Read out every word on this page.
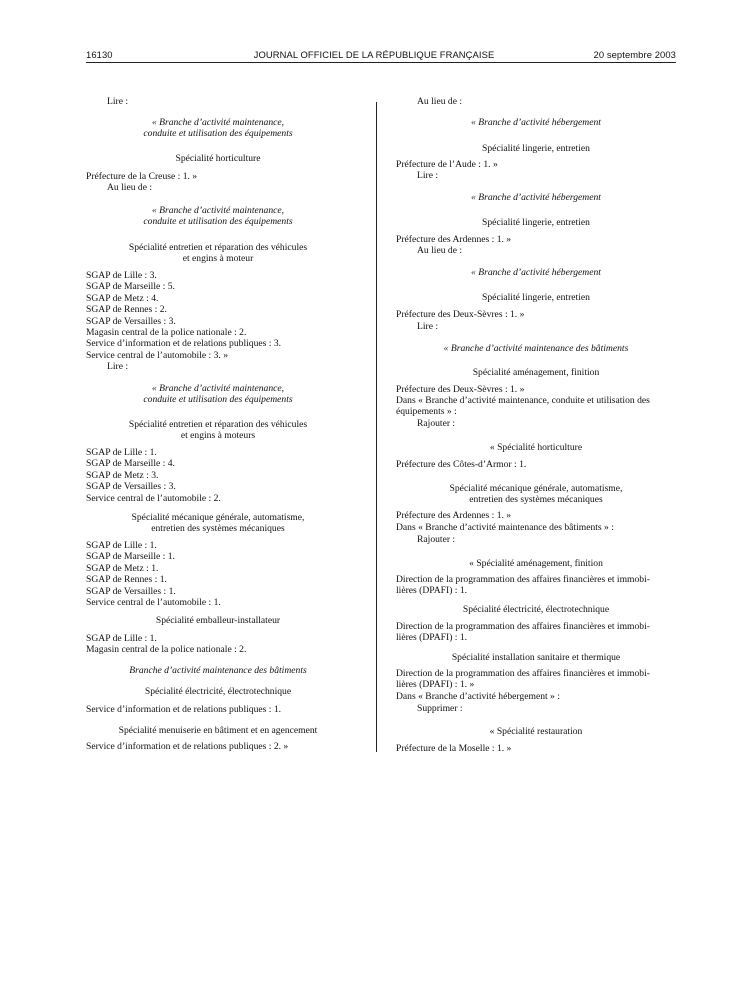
16130	JOURNAL OFFICIEL DE LA RÉPUBLIQUE FRANÇAISE	20 septembre 2003

Lire :

« Branche d’activité maintenance,

conduite et utilisation des équipements

Spécialité horticulture

Préfecture de la Creuse : 1. »

Au lieu de :

« Branche d’activité maintenance,

conduite et utilisation des équipements

Spécialité entretien et réparation des véhicules

et engins à moteur

SGAP de Lille : 3.

SGAP de Marseille : 5.

SGAP de Metz : 4.

SGAP de Rennes : 2.

SGAP de Versailles : 3.

Magasin central de la police nationale : 2.

Service d’information et de relations publiques : 3.

Service central de l’automobile : 3. »

Lire :

« Branche d’activité maintenance,

conduite et utilisation des équipements

Spécialité entretien et réparation des véhicules

et engins à moteurs

SGAP de Lille : 1.

SGAP de Marseille : 4.

SGAP de Metz : 3.

SGAP de Versailles : 3.

Service central de l’automobile : 2.

Spécialité mécanique générale, automatisme,

entretien des systèmes mécaniques

SGAP de Lille : 1.

SGAP de Marseille : 1.

SGAP de Metz : 1.

SGAP de Rennes : 1.

SGAP de Versailles : 1.

Service central de l’automobile : 1.

Spécialité emballeur-installateur

SGAP de Lille : 1.

Magasin central de la police nationale : 2.

Branche d’activité maintenance des bâtiments

Spécialité électricité, électrotechnique

Service d’information et de relations publiques : 1.

Spécialité menuiserie en bâtiment et en agencement

Service d’information et de relations publiques : 2. »

Au lieu de :

« Branche d’activité hébergement

Spécialité lingerie, entretien

Préfecture de l’Aude : 1. »

Lire :

« Branche d’activité hébergement

Spécialité lingerie, entretien

Préfecture des Ardennes : 1. »

Au lieu de :

« Branche d’activité hébergement

Spécialité lingerie, entretien

Préfecture des Deux-Sèvres : 1. »

Lire :

« Branche d’activité maintenance des bâtiments

Spécialité aménagement, finition

Préfecture des Deux-Sèvres : 1. »

Dans « Branche d’activité maintenance, conduite et utilisation des

équipements » :

Rajouter :

« Spécialité horticulture

Préfecture des Côtes-d’Armor : 1.

Spécialité mécanique générale, automatisme,

entretien des systèmes mécaniques

Préfecture des Ardennes : 1. »

Dans « Branche d’activité maintenance des bâtiments » :

Rajouter :

« Spécialité aménagement, finition

Direction de la programmation des affaires financières et immobi-

lières (DPAFI) : 1.

Spécialité électricité, électrotechnique

Direction de la programmation des affaires financières et immobi-

lières (DPAFI) : 1.

Spécialité installation sanitaire et thermique

Direction de la programmation des affaires financières et immobi-

lières (DPAFI) : 1. »

Dans « Branche d’activité hébergement » :

Supprimer :

« Spécialité restauration

Préfecture de la Moselle : 1. »
